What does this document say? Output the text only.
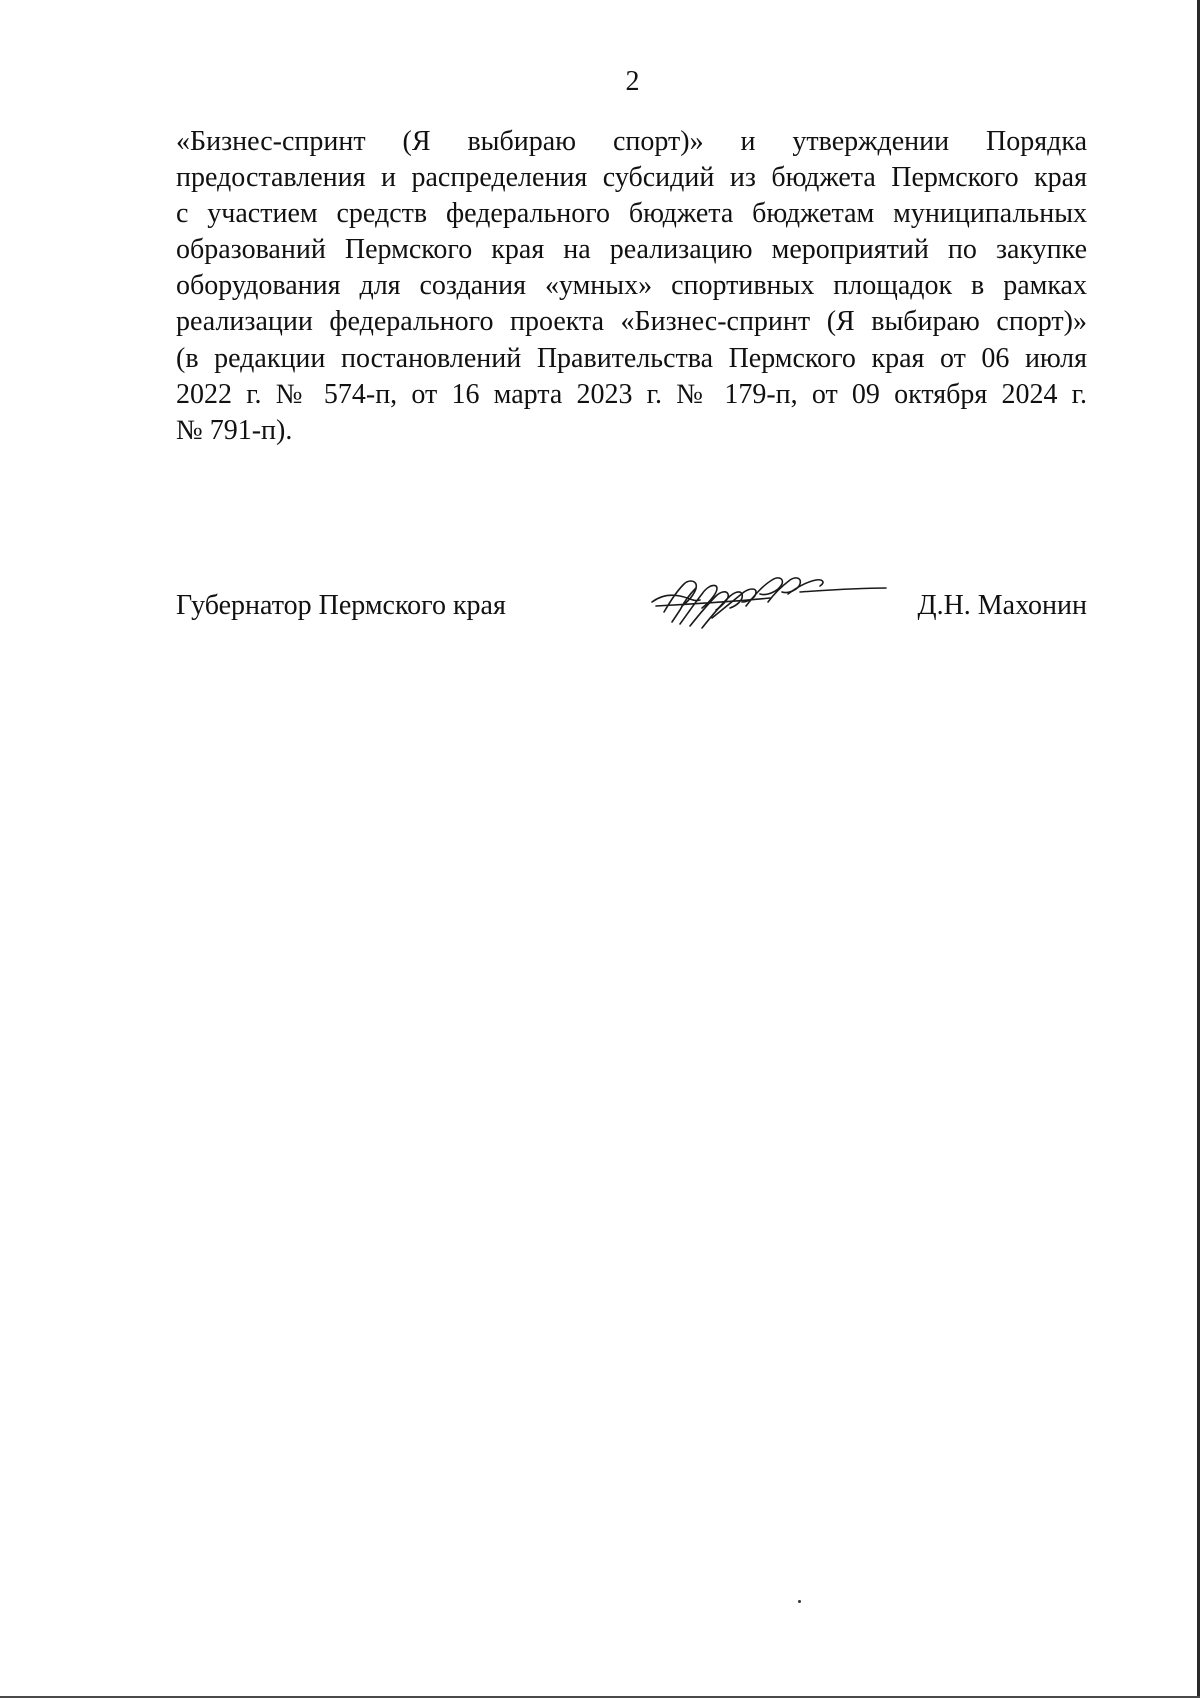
2

«Бизнес-спринт (Я выбираю спорт)» и утверждении Порядка
предоставления и распределения субсидий из бюджета Пермского края
с участием средств федерального бюджета бюджетам муниципальных
образований Пермского края на реализацию мероприятий по закупке
оборудования для создания «умных» спортивных площадок в рамках
реализации федерального проекта «Бизнес-спринт (Я выбираю спорт)»
(в редакции постановлений Правительства Пермского края от 06 июля
2022 г. № 574-п, от 16 марта 2023 г. № 179-п, от 09 октября 2024 г.
№ 791-п).

Губернатор Пермского края	Д.Н. Махонин
